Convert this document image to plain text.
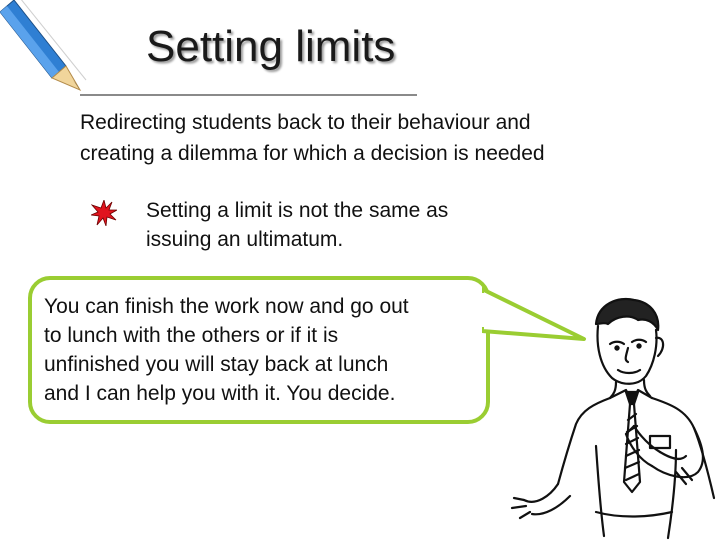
Setting limits
Redirecting students back to their behaviour and
creating a dilemma for which a decision is needed
Setting a limit is not the same as
issuing an ultimatum.
You can finish the work now and go out
to lunch with the others or if it is
unfinished you will stay back at lunch
and I can help you with it. You decide.
